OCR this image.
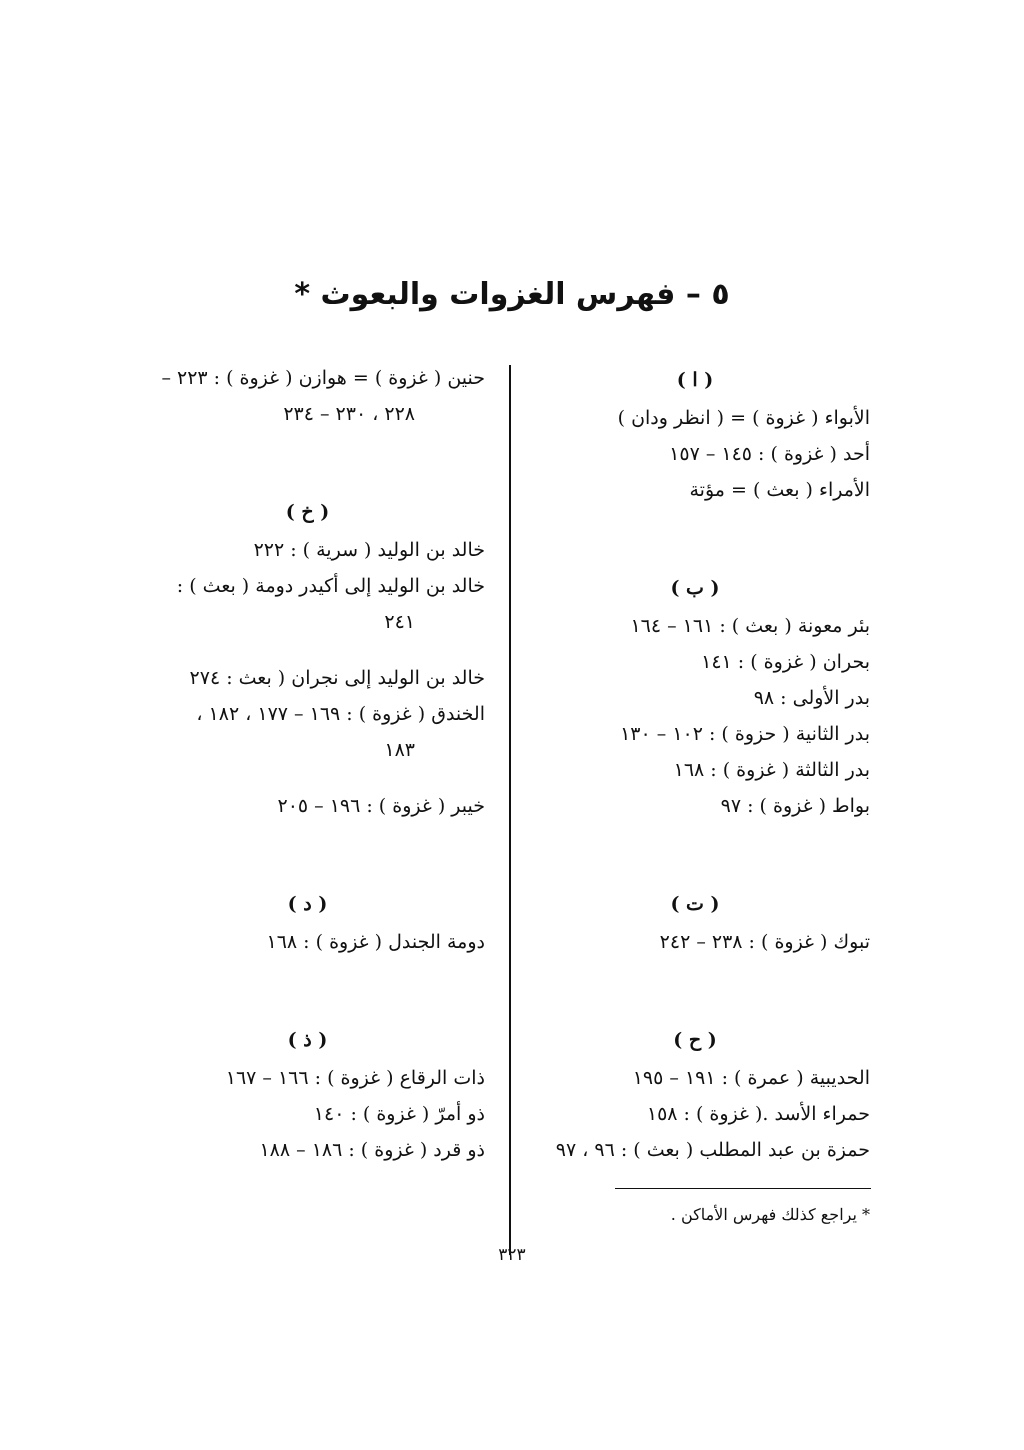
٥ – فهرس الغزوات والبعوث *
( ا )
الأبواء ( غزوة ) = ( انظر ودان )
أحد ( غزوة ) : ١٤٥ – ١٥٧
الأمراء ( بعث ) = مؤتة
( ب )
بئر معونة ( بعث ) : ١٦١ – ١٦٤
بحران ( غزوة ) : ١٤١
بدر الأولى : ٩٨
بدر الثانية ( حزوة ) : ١٠٢ – ١٣٠
بدر الثالثة ( غزوة ) : ١٦٨
بواط ( غزوة ) : ٩٧
( ت )
تبوك ( غزوة ) : ٢٣٨ – ٢٤٢
( ح )
الحديبية ( عمرة ) : ١٩١ – ١٩٥
حمراء الأسد .( غزوة ) : ١٥٨
حمزة بن عبد المطلب ( بعث ) : ٩٦ ، ٩٧
حنين ( غزوة ) = هوازن ( غزوة ) : ٢٢٣ –
٢٢٨ ، ٢٣٠ – ٢٣٤
( خ )
خالد بن الوليد ( سرية ) : ٢٢٢
خالد بن الوليد إلى أكيدر دومة ( بعث ) :
٢٤١
خالد بن الوليد إلى نجران ( بعث : ٢٧٤
الخندق ( غزوة ) : ١٦٩ – ١٧٧ ، ١٨٢ ،
١٨٣
خيبر ( غزوة ) : ١٩٦ – ٢٠٥
( د )
دومة الجندل ( غزوة ) : ١٦٨
( ذ )
ذات الرقاع ( غزوة ) : ١٦٦ – ١٦٧
ذو أمرّ ( غزوة ) : ١٤٠
ذو قرد ( غزوة ) : ١٨٦ – ١٨٨
* يراجع كذلك فهرس الأماكن .
٣٢٣
